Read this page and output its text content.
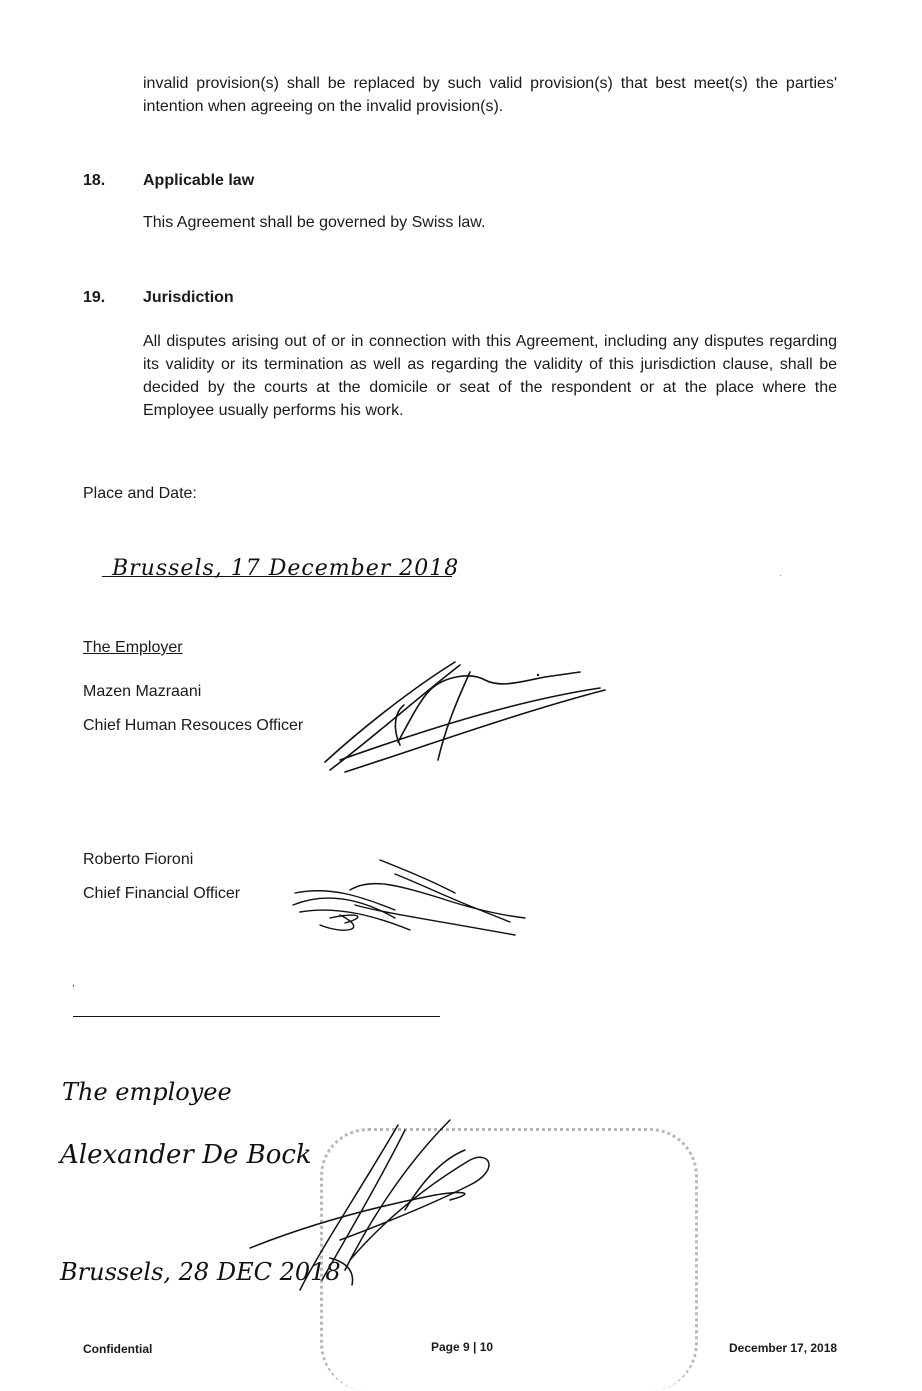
invalid provision(s) shall be replaced by such valid provision(s) that best meet(s) the parties' intention when agreeing on the invalid provision(s).
18. Applicable law
This Agreement shall be governed by Swiss law.
19. Jurisdiction
All disputes arising out of or in connection with this Agreement, including any disputes regarding its validity or its termination as well as regarding the validity of this jurisdiction clause, shall be decided by the courts at the domicile or seat of the respondent or at the place where the Employee usually performs his work.
Place and Date:
Brussels, 17 December 2018	·
The Employer
Mazen Mazraani
Chief Human Resouces Officer
Roberto Fioroni
Chief Financial Officer
,
The employee
Alexander De Bock
Brussels, 28 DEC 2018
Confidential	Page 9 | 10	December 17, 2018
